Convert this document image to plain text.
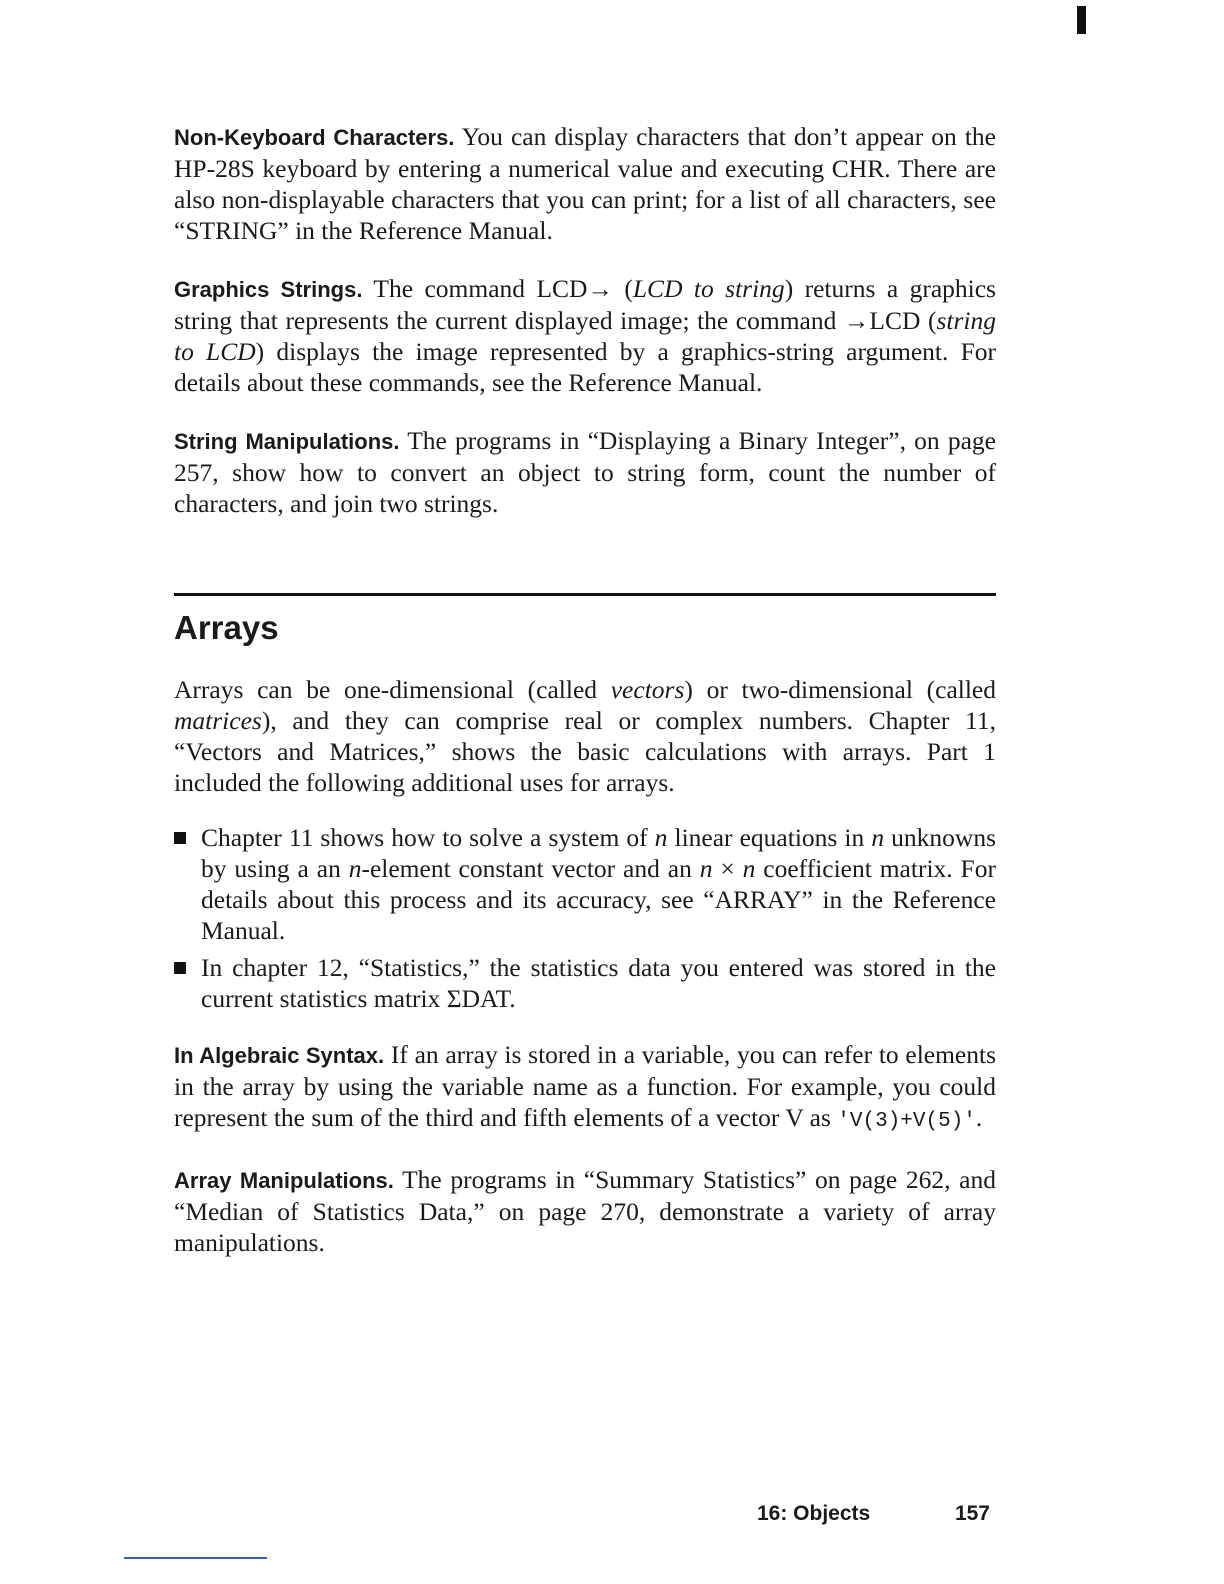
Non-Keyboard Characters. You can display characters that don’t appear on the HP-28S keyboard by entering a numerical value and executing CHR. There are also non-displayable characters that you can print; for a list of all characters, see “STRING” in the Reference Manual.

Graphics Strings. The command LCD→ (LCD to string) returns a graphics string that represents the current displayed image; the command →LCD (string to LCD) displays the image represented by a graphics-string argument. For details about these commands, see the Reference Manual.

String Manipulations. The programs in “Displaying a Binary Integer”, on page 257, show how to convert an object to string form, count the number of characters, and join two strings.

Arrays

Arrays can be one-dimensional (called vectors) or two-dimensional (called matrices), and they can comprise real or complex numbers. Chapter 11, “Vectors and Matrices,” shows the basic calculations with arrays. Part 1 included the following additional uses for arrays.

Chapter 11 shows how to solve a system of n linear equations in n unknowns by using a an n-element constant vector and an n × n coefficient matrix. For details about this process and its accuracy, see “ARRAY” in the Reference Manual.
In chapter 12, “Statistics,” the statistics data you entered was stored in the current statistics matrix ΣDAT.

In Algebraic Syntax. If an array is stored in a variable, you can refer to elements in the array by using the variable name as a function. For example, you could represent the sum of the third and fifth elements of a vector V as 'V(3)+V(5)'.

Array Manipulations. The programs in “Summary Statistics” on page 262, and “Median of Statistics Data,” on page 270, demonstrate a variety of array manipulations.

16: Objects	157
